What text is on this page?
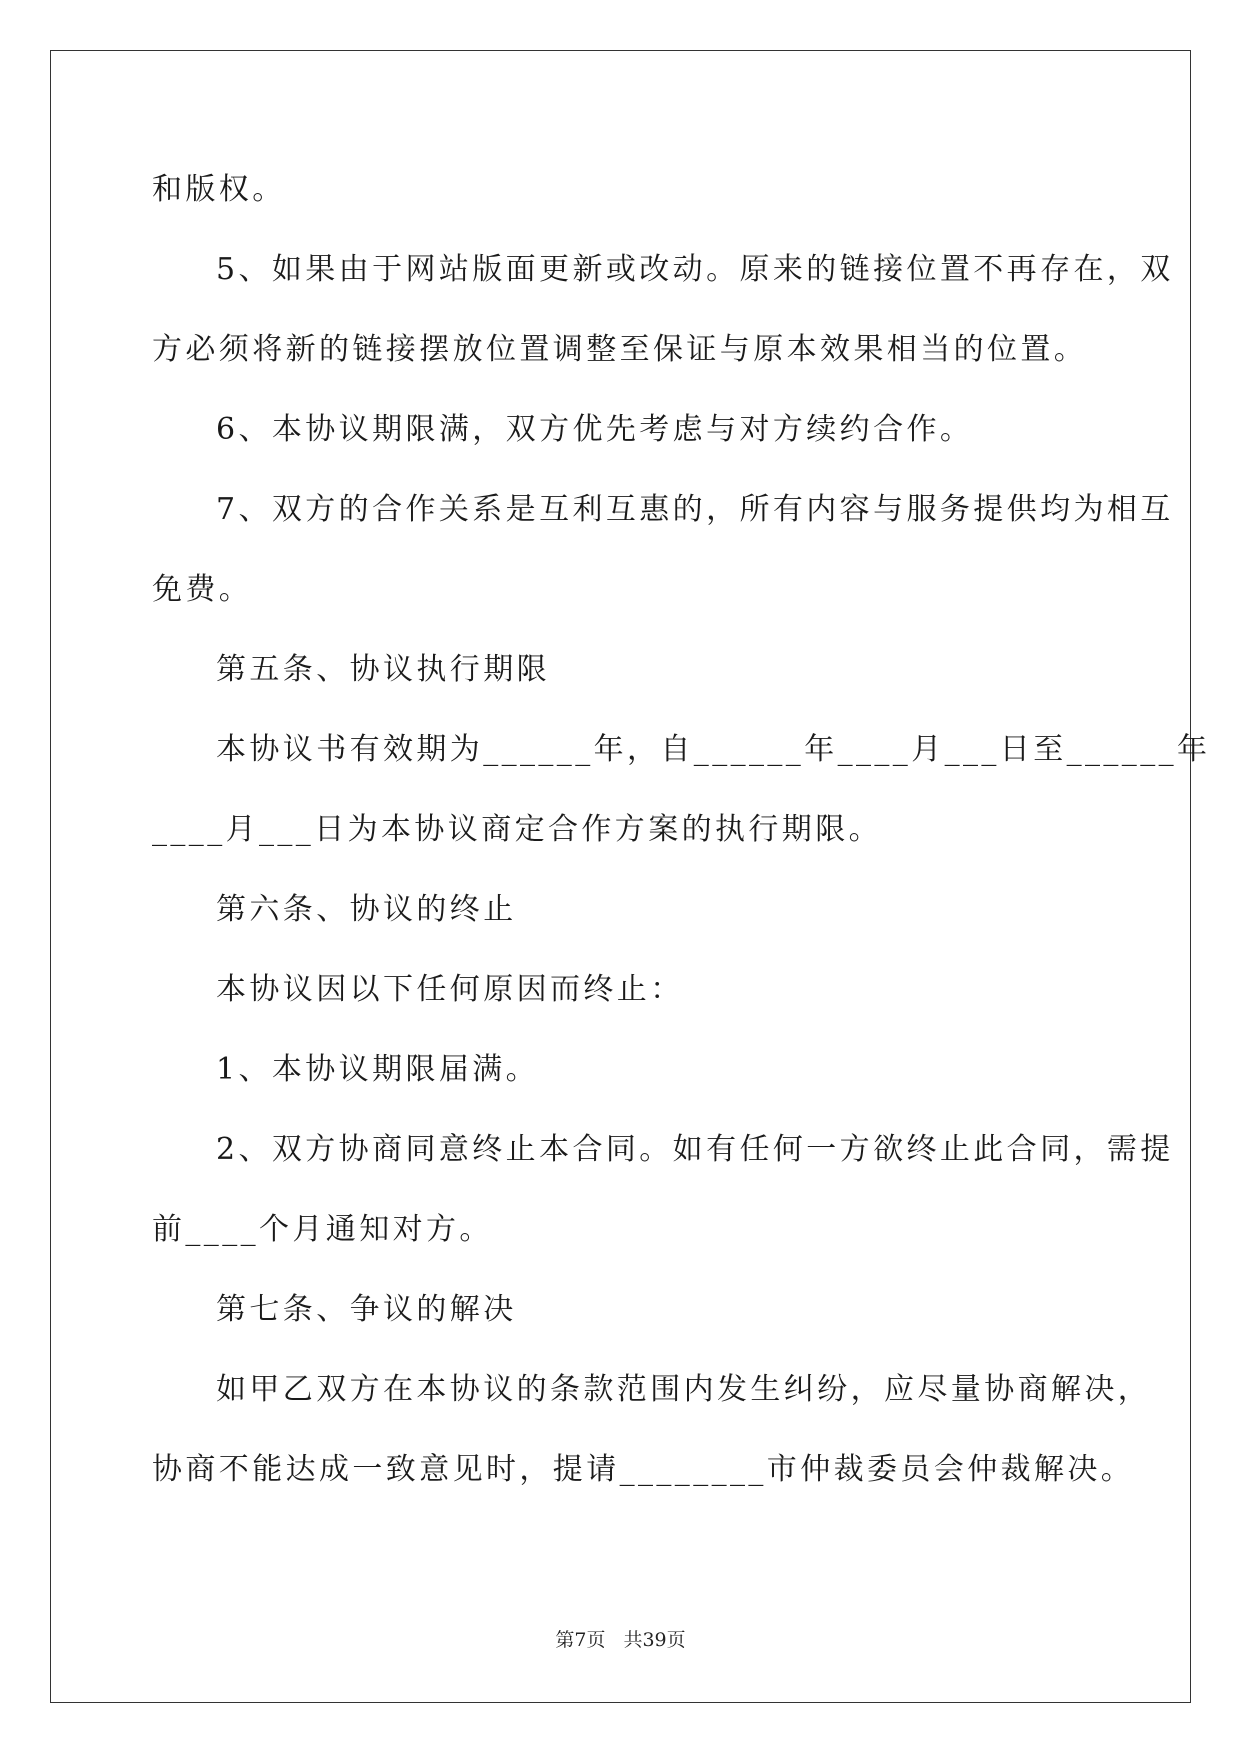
和版权。

5、如果由于网站版面更新或改动。原来的链接位置不再存在，双

方必须将新的链接摆放位置调整至保证与原本效果相当的位置。

6、本协议期限满，双方优先考虑与对方续约合作。

7、双方的合作关系是互利互惠的，所有内容与服务提供均为相互

免费。

第五条、协议执行期限

本协议书有效期为______年，自______年____月___日至______年

____月___日为本协议商定合作方案的执行期限。

第六条、协议的终止

本协议因以下任何原因而终止：

1、本协议期限届满。

2、双方协商同意终止本合同。如有任何一方欲终止此合同，需提

前____个月通知对方。

第七条、争议的解决

如甲乙双方在本协议的条款范围内发生纠纷，应尽量协商解决，

协商不能达成一致意见时，提请________市仲裁委员会仲裁解决。

第7页 共39页
